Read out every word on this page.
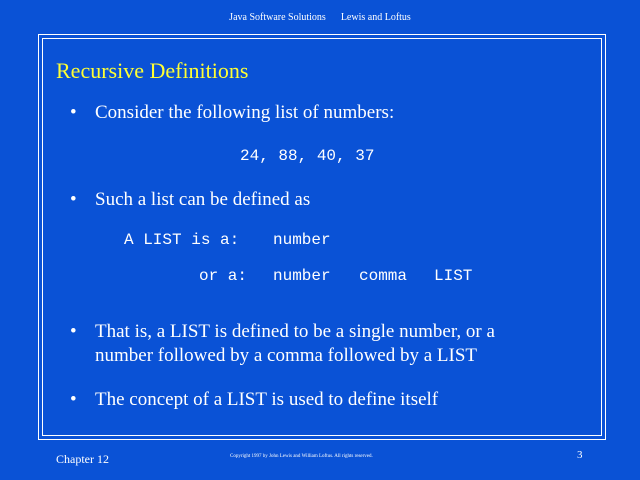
Java Software Solutions Lewis and Loftus
Recursive Definitions
• Consider the following list of numbers:
24, 88, 40, 37
• Such a list can be defined as
A LIST is a: number
or a: number comma LIST
• That is, a LIST is defined to be a single number, or a
number followed by a comma followed by a LIST
• The concept of a LIST is used to define itself
Chapter 12	Copyright 1997 by John Lewis and William Loftus. All rights reserved.	3
